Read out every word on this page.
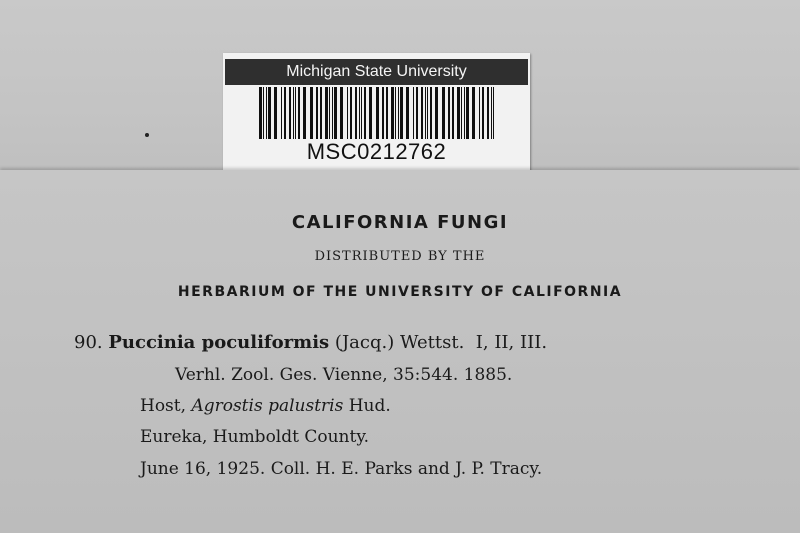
Michigan State University
MSC0212762
CALIFORNIA FUNGI
DISTRIBUTED BY THE
HERBARIUM OF THE UNIVERSITY OF CALIFORNIA
90. Puccinia poculiformis (Jacq.) Wettst. I, II, III.
Verhl. Zool. Ges. Vienne, 35:544. 1885.
Host, Agrostis palustris Hud.
Eureka, Humboldt County.
June 16, 1925. Coll. H. E. Parks and J. P. Tracy.
